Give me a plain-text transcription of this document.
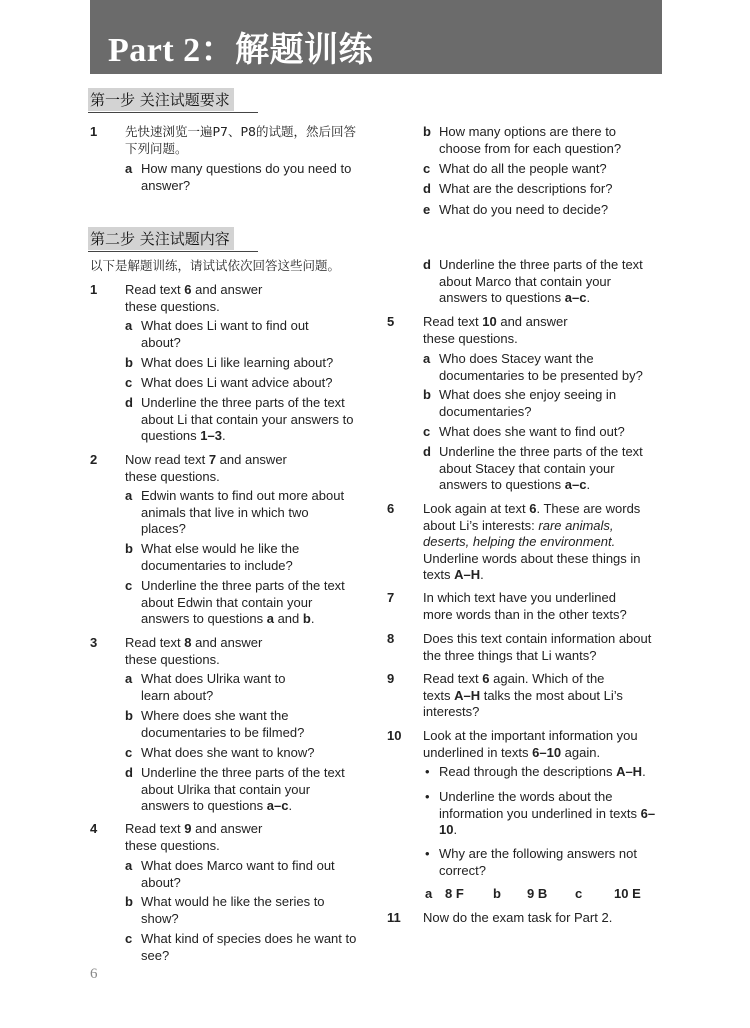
Part 2：解题训练
第一步 关注试题要求
1 先快速浏览一遍P7、P8的试题，然后回答下列问题。
a How many questions do you need to answer?
b How many options are there to choose from for each question?
c What do all the people want?
d What are the descriptions for?
e What do you need to decide?
第二步 关注试题内容
以下是解题训练，请试试依次回答这些问题。
1 Read text 6 and answer these questions.
a What does Li want to find out about?
b What does Li like learning about?
c What does Li want advice about?
d Underline the three parts of the text about Li that contain your answers to questions 1–3.
2 Now read text 7 and answer these questions.
a Edwin wants to find out more about animals that live in which two places?
b What else would he like the documentaries to include?
c Underline the three parts of the text about Edwin that contain your answers to questions a and b.
3 Read text 8 and answer these questions.
a What does Ulrika want to learn about?
b Where does she want the documentaries to be filmed?
c What does she want to know?
d Underline the three parts of the text about Ulrika that contain your answers to questions a–c.
4 Read text 9 and answer these questions.
a What does Marco want to find out about?
b What would he like the series to show?
c What kind of species does he want to see?
d Underline the three parts of the text about Marco that contain your answers to questions a–c.
5 Read text 10 and answer these questions.
a Who does Stacey want the documentaries to be presented by?
b What does she enjoy seeing in documentaries?
c What does she want to find out?
d Underline the three parts of the text about Stacey that contain your answers to questions a–c.
6 Look again at text 6. These are words about Li’s interests: rare animals, deserts, helping the environment. Underline words about these things in texts A–H.
7 In which text have you underlined more words than in the other texts?
8 Does this text contain information about the three things that Li wants?
9 Read text 6 again. Which of the texts A–H talks the most about Li’s interests?
10 Look at the important information you underlined in texts 6–10 again.
• Read through the descriptions A–H.
• Underline the words about the information you underlined in texts 6–10.
• Why are the following answers not correct?
a 8 F b 9 B c 10 E
11 Now do the exam task for Part 2.
6
